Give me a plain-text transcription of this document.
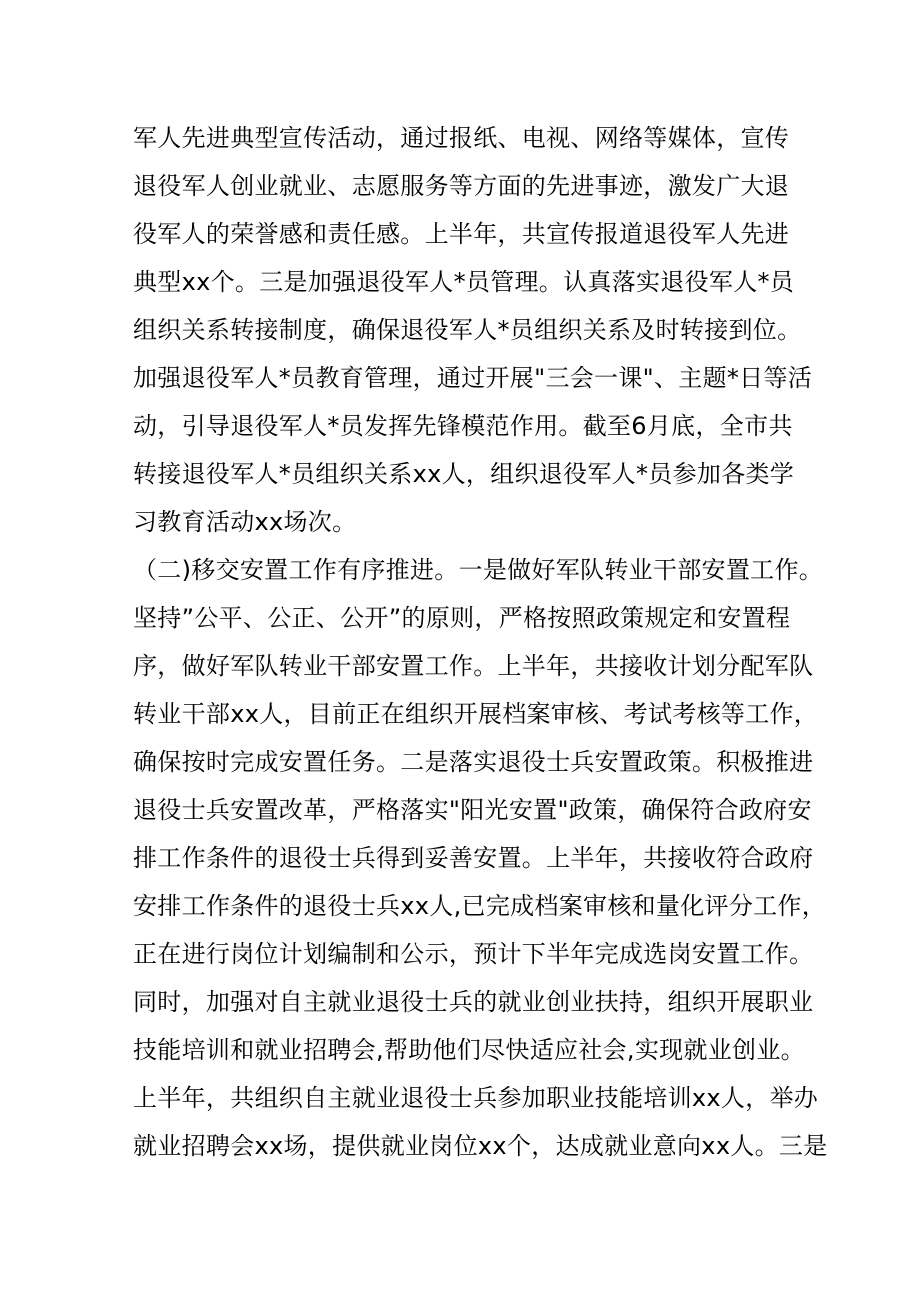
军人先进典型宣传活动，通过报纸、电视、网络等媒体，宣传
退役军人创业就业、志愿服务等方面的先进事迹，激发广大退
役军人的荣誉感和责任感。上半年，共宣传报道退役军人先进
典型xx个。三是加强退役军人*员管理。认真落实退役军人*员
组织关系转接制度，确保退役军人*员组织关系及时转接到位。
加强退役军人*员教育管理，通过开展"三会一课"、主题*日等活
动，引导退役军人*员发挥先锋模范作用。截至6月底，全市共
转接退役军人*员组织关系xx人，组织退役军人*员参加各类学
习教育活动xx场次。
（二)移交安置工作有序推进。一是做好军队转业干部安置工作。
坚持”公平、公正、公开”的原则，严格按照政策规定和安置程
序，做好军队转业干部安置工作。上半年，共接收计划分配军队
转业干部xx人，目前正在组织开展档案审核、考试考核等工作，
确保按时完成安置任务。二是落实退役士兵安置政策。积极推进
退役士兵安置改革，严格落实"阳光安置"政策，确保符合政府安
排工作条件的退役士兵得到妥善安置。上半年，共接收符合政府
安排工作条件的退役士兵xx人,已完成档案审核和量化评分工作，
正在进行岗位计划编制和公示，预计下半年完成选岗安置工作。
同时，加强对自主就业退役士兵的就业创业扶持，组织开展职业
技能培训和就业招聘会,帮助他们尽快适应社会,实现就业创业。
上半年，共组织自主就业退役士兵参加职业技能培训xx人，举办
就业招聘会xx场，提供就业岗位xx个，达成就业意向xx人。三是
